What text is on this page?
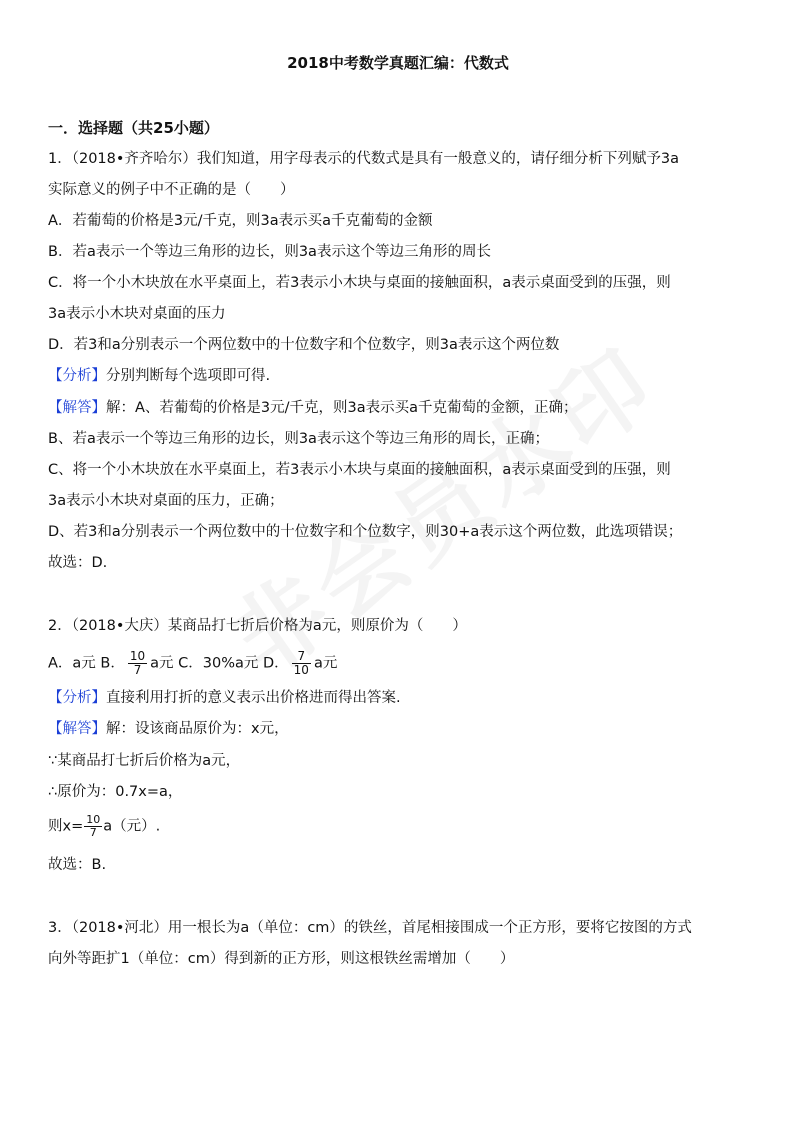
2018中考数学真题汇编：代数式
一．选择题（共25小题）
1．（2018•齐齐哈尔）我们知道，用字母表示的代数式是具有一般意义的，请仔细分析下列赋予3a
实际意义的例子中不正确的是（　　）
A．若葡萄的价格是3元/千克，则3a表示买a千克葡萄的金额
B．若a表示一个等边三角形的边长，则3a表示这个等边三角形的周长
C．将一个小木块放在水平桌面上，若3表示小木块与桌面的接触面积，a表示桌面受到的压强，则
3a表示小木块对桌面的压力
D．若3和a分别表示一个两位数中的十位数字和个位数字，则3a表示这个两位数
【分析】分别判断每个选项即可得.
【解答】解：A、若葡萄的价格是3元/千克，则3a表示买a千克葡萄的金额，正确；
B、若a表示一个等边三角形的边长，则3a表示这个等边三角形的周长，正确；
C、将一个小木块放在水平桌面上，若3表示小木块与桌面的接触面积，a表示桌面受到的压强，则
3a表示小木块对桌面的压力，正确；
D、若3和a分别表示一个两位数中的十位数字和个位数字，则30+a表示这个两位数，此选项错误；
故选：D.
2．（2018•大庆）某商品打七折后价格为a元，则原价为（　　）
A．a元 B． $\frac{10}{7}$ a元 C．30%a元 D． $\frac{7}{10}$ a元
【分析】直接利用打折的意义表示出价格进而得出答案.
【解答】解：设该商品原价为：x元，
∵某商品打七折后价格为a元，
∴原价为：0.7x=a，
则$x= \frac{10}{7} a$（元）.
故选：B.
3．（2018•河北）用一根长为a（单位：cm）的铁丝，首尾相接围成一个正方形，要将它按图的方式
向外等距扩1（单位：cm）得到新的正方形，则这根铁丝需增加（　　）
